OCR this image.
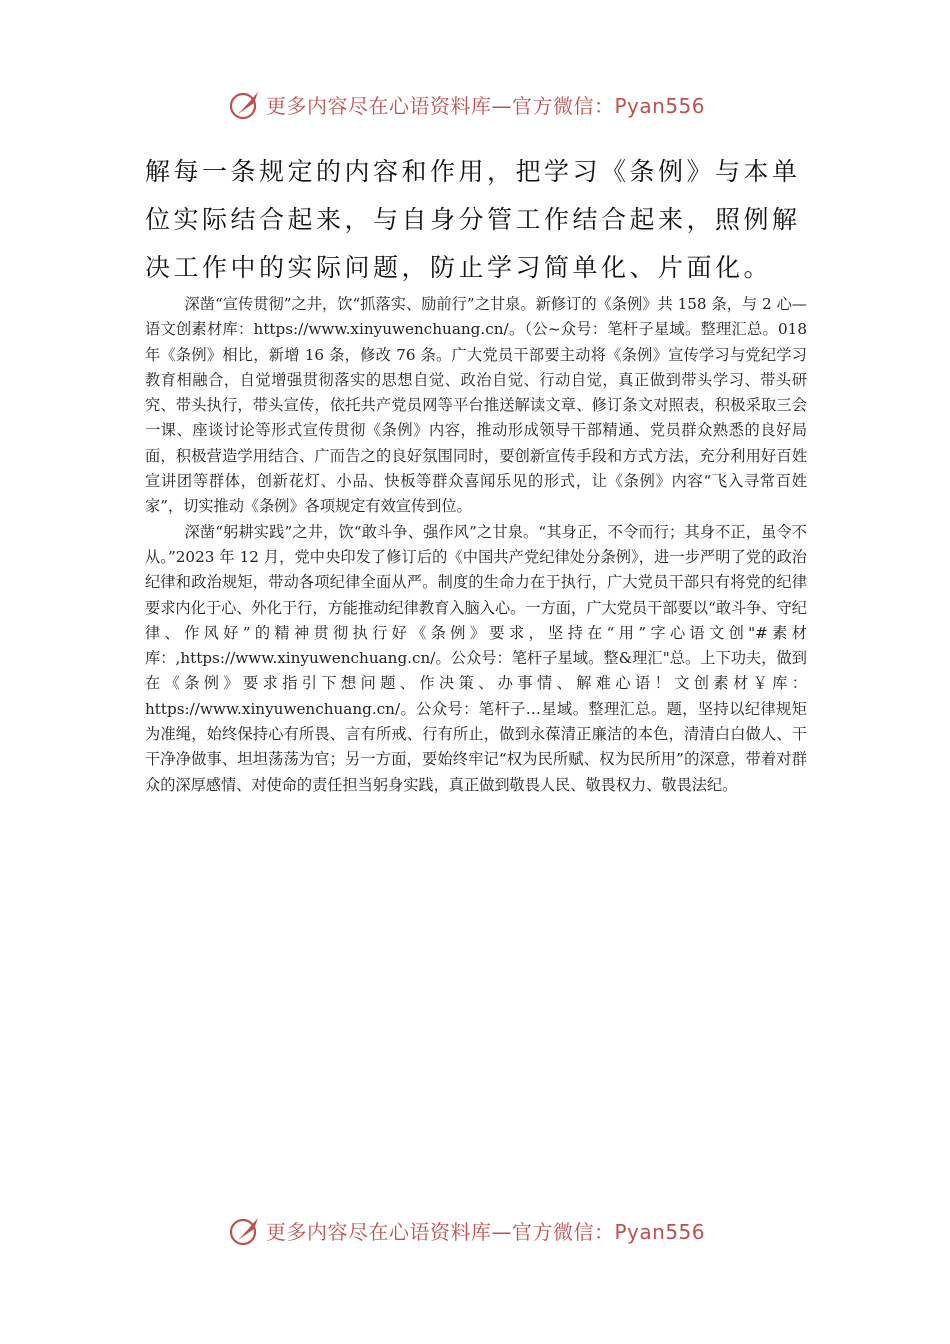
更多内容尽在心语资料库—官方微信：Pyan556

解每一条规定的内容和作用，把学习《条例》与本单位实际结合起来，与自身分管工作结合起来，照例解决工作中的实际问题，防止学习简单化、片面化。

深凿“宣传贯彻”之井，饮“抓落实、励前行”之甘泉。新修订的《条例》共 158 条，与 2 心—语文创素材库：https://www.xinyuwenchuang.cn/。（公~众号：笔杆子星域。整理汇总。018 年《条例》相比，新增 16 条，修改 76 条。广大党员干部要主动将《条例》宣传学习与党纪学习教育相融合，自觉增强贯彻落实的思想自觉、政治自觉、行动自觉，真正做到带头学习、带头研究、带头执行，带头宣传，依托共产党员网等平台推送解读文章、修订条文对照表，积极采取三会一课、座谈讨论等形式宣传贯彻《条例》内容，推动形成领导干部精通、党员群众熟悉的良好局面，积极营造学用结合、广而告之的良好氛围同时，要创新宣传手段和方式方法，充分利用好百姓宣讲团等群体，创新花灯、小品、快板等群众喜闻乐见的形式，让《条例》内容“飞入寻常百姓家”，切实推动《条例》各项规定有效宣传到位。

深凿“躬耕实践”之井，饮“敢斗争、强作风”之甘泉。“其身正，不令而行；其身不正，虽令不从。”2023 年 12 月，党中央印发了修订后的《中国共产党纪律处分条例》，进一步严明了党的政治纪律和政治规矩，带动各项纪律全面从严。制度的生命力在于执行，广大党员干部只有将党的纪律要求内化于心、外化于行，方能推动纪律教育入脑入心。一方面，广大党员干部要以“敢斗争、守纪律、作风好”的精神贯彻执行好《条例》要求，坚持在“用”字心语文创"#素材库：,https://www.xinyuwenchuang.cn/。公众号：笔杆子星域。整&理汇"总。上下功夫，做到在《条例》要求指引下想问题、作决策、办事情、解难心语！文创素材￥库：https://www.xinyuwenchuang.cn/。公众号：笔杆子…星域。整理汇总。题，坚持以纪律规矩为准绳，始终保持心有所畏、言有所戒、行有所止，做到永葆清正廉洁的本色，清清白白做人、干干净净做事、坦坦荡荡为官；另一方面，要始终牢记“权为民所赋、权为民所用”的深意，带着对群众的深厚感情、对使命的责任担当躬身实践，真正做到敬畏人民、敬畏权力、敬畏法纪。

更多内容尽在心语资料库—官方微信：Pyan556
